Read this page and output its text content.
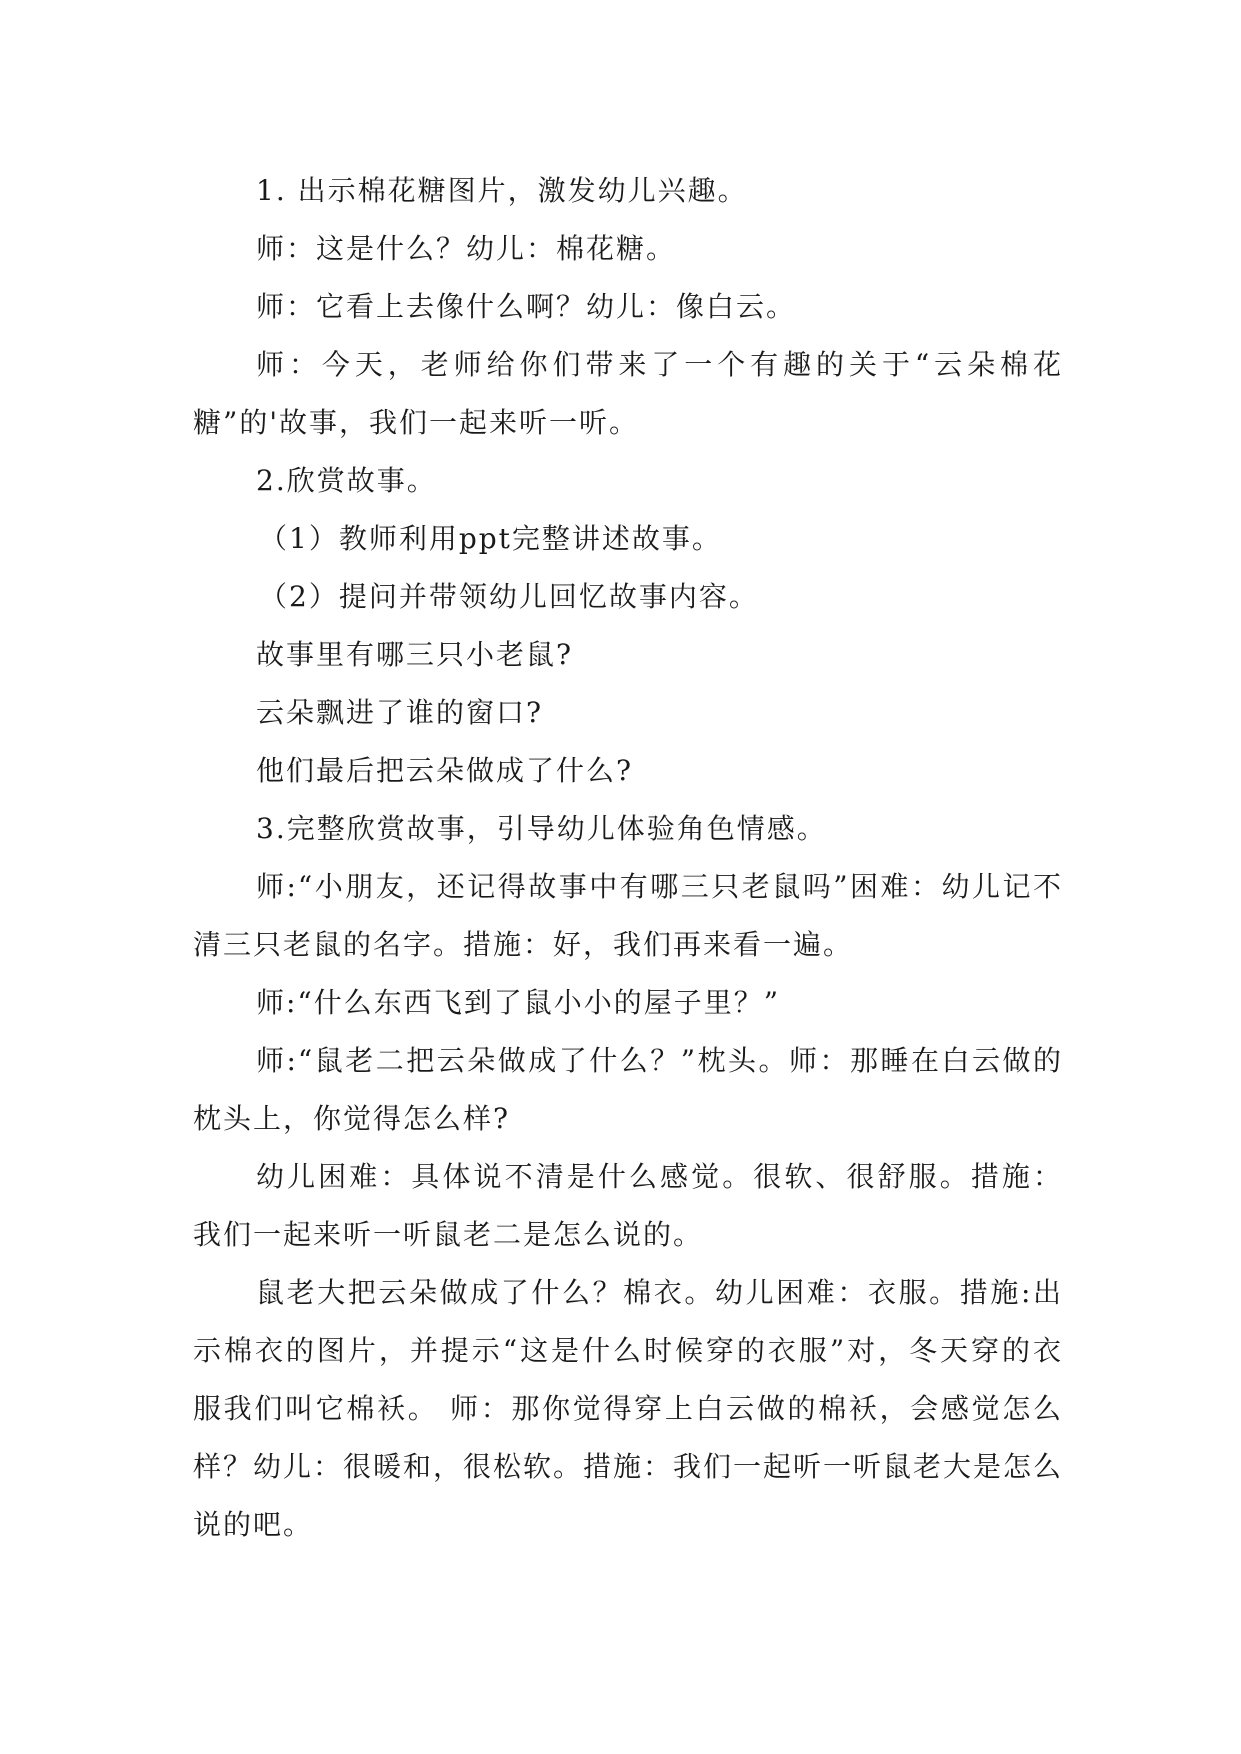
1. 出示棉花糖图片，激发幼儿兴趣。

师：这是什么？幼儿：棉花糖。

师：它看上去像什么啊？幼儿：像白云。

师：今天，老师给你们带来了一个有趣的关于“云朵棉花糖”的'故事，我们一起来听一听。

2.欣赏故事。

（1）教师利用ppt完整讲述故事。

（2）提问并带领幼儿回忆故事内容。

故事里有哪三只小老鼠?

云朵飘进了谁的窗口?

他们最后把云朵做成了什么?

3.完整欣赏故事，引导幼儿体验角色情感。

师:“小朋友，还记得故事中有哪三只老鼠吗”困难：幼儿记不清三只老鼠的名字。措施：好，我们再来看一遍。

师:“什么东西飞到了鼠小小的屋子里？”

师:“鼠老二把云朵做成了什么？”枕头。师：那睡在白云做的枕头上，你觉得怎么样?

幼儿困难：具体说不清是什么感觉。很软、很舒服。措施：我们一起来听一听鼠老二是怎么说的。

鼠老大把云朵做成了什么？棉衣。幼儿困难：衣服。措施:出示棉衣的图片，并提示“这是什么时候穿的衣服”对，冬天穿的衣服我们叫它棉袄。 师：那你觉得穿上白云做的棉袄，会感觉怎么样？幼儿：很暖和，很松软。措施：我们一起听一听鼠老大是怎么说的吧。
